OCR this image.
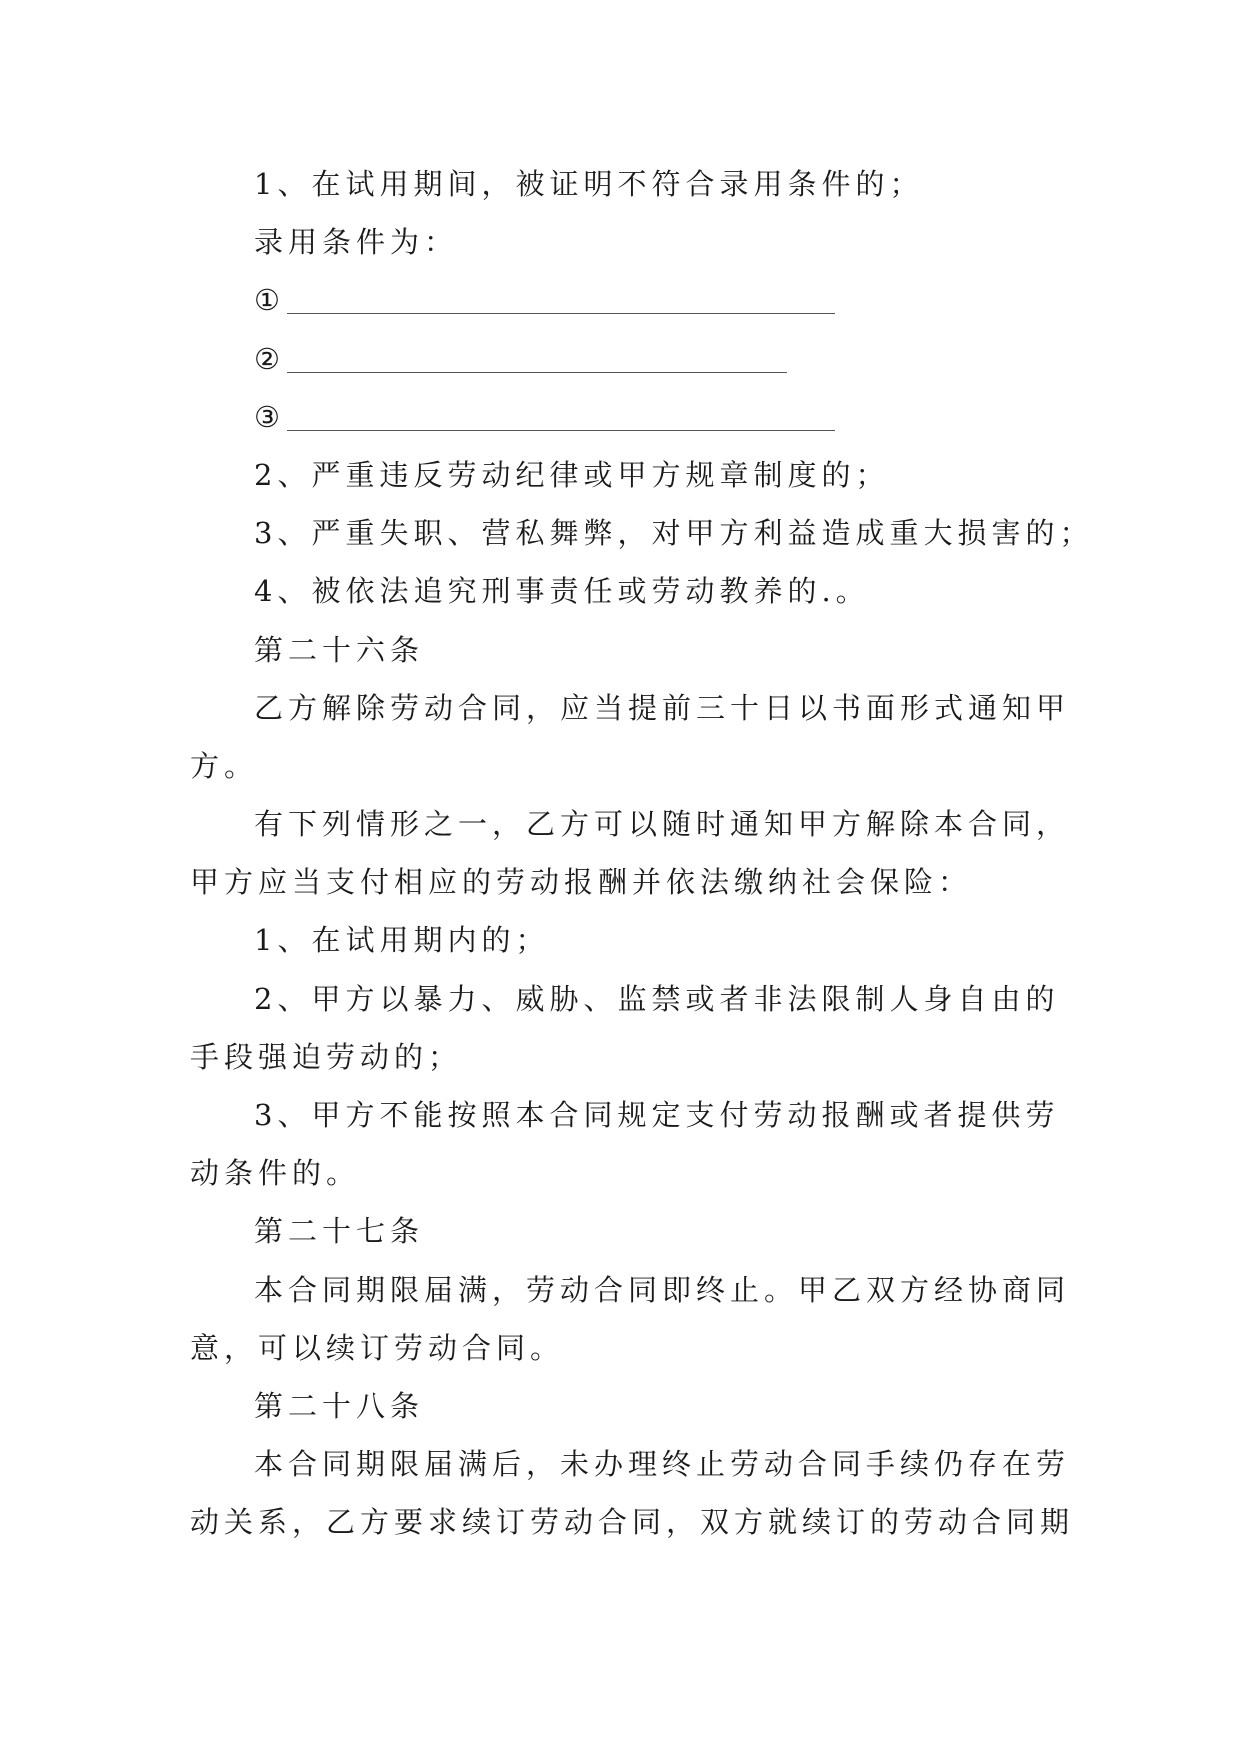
1、在试用期间，被证明不符合录用条件的；
录用条件为：
①
②
③
2、严重违反劳动纪律或甲方规章制度的；
3、严重失职、营私舞弊，对甲方利益造成重大损害的；
4、被依法追究刑事责任或劳动教养的.。
第二十六条
乙方解除劳动合同，应当提前三十日以书面形式通知甲
方。
有下列情形之一，乙方可以随时通知甲方解除本合同，
甲方应当支付相应的劳动报酬并依法缴纳社会保险：
1、在试用期内的；
2、甲方以暴力、威胁、监禁或者非法限制人身自由的
手段强迫劳动的；
3、甲方不能按照本合同规定支付劳动报酬或者提供劳
动条件的。
第二十七条
本合同期限届满，劳动合同即终止。甲乙双方经协商同
意，可以续订劳动合同。
第二十八条
本合同期限届满后，未办理终止劳动合同手续仍存在劳
动关系，乙方要求续订劳动合同，双方就续订的劳动合同期
